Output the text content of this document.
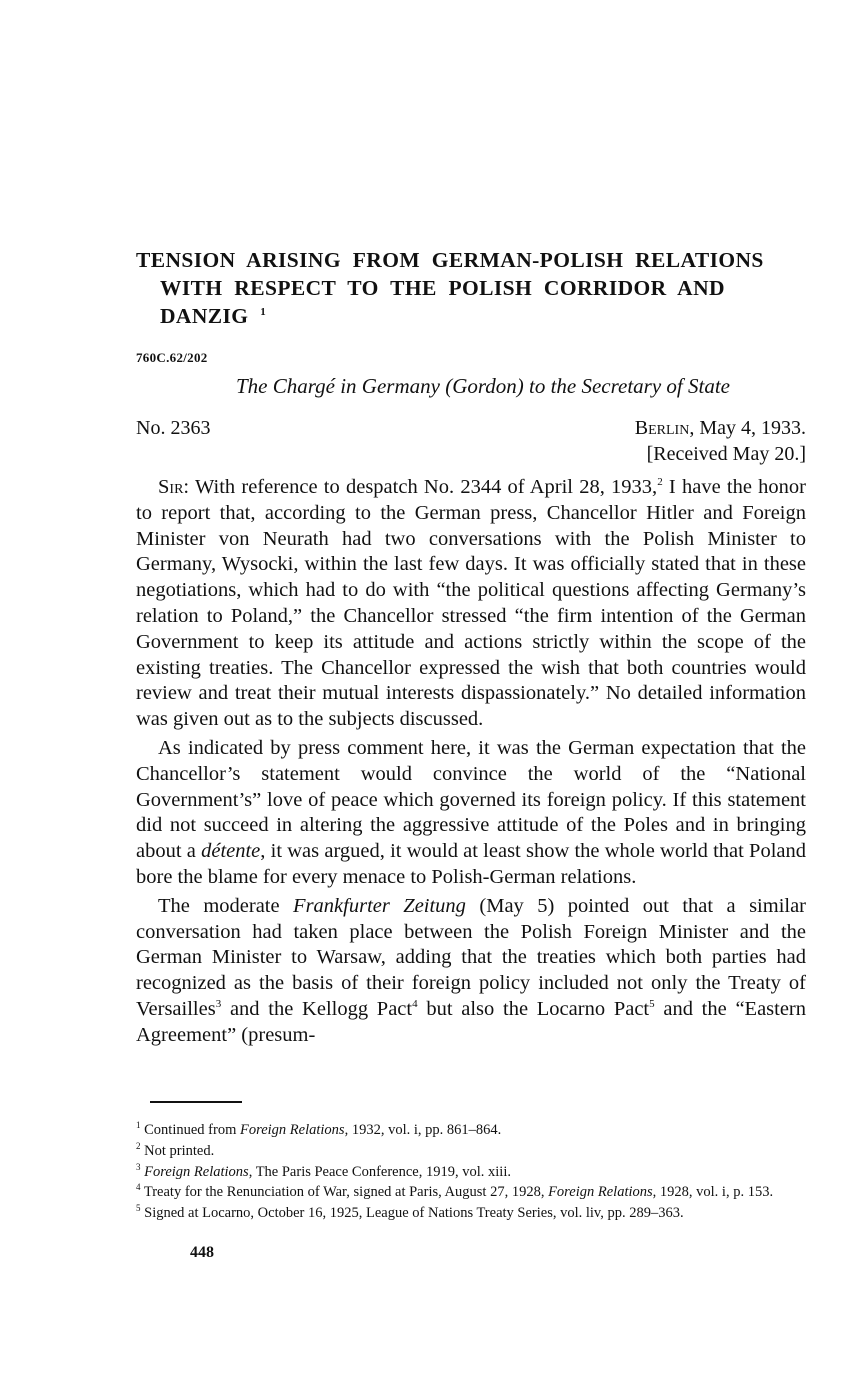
TENSION ARISING FROM GERMAN-POLISH RELATIONS
WITH RESPECT TO THE POLISH CORRIDOR AND
DANZIG $^1$
760C.62/202
The Chargé in Germany (Gordon) to the Secretary of State
No. 2363	Berlin, May 4, 1933.
[Received May 20.]

Sir: With reference to despatch No. 2344 of April 28, 1933,$^2$ I have the honor to report that, according to the German press, Chancellor Hitler and Foreign Minister von Neurath had two conversations with the Polish Minister to Germany, Wysocki, within the last few days. It was officially stated that in these negotiations, which had to do with “the political questions affecting Germany’s relation to Poland,” the Chancellor stressed “the firm intention of the German Government to keep its attitude and actions strictly within the scope of the existing treaties. The Chancellor expressed the wish that both countries would review and treat their mutual interests dispassionately.” No detailed information was given out as to the subjects discussed.

As indicated by press comment here, it was the German expectation that the Chancellor’s statement would convince the world of the “National Government’s” love of peace which governed its foreign policy. If this statement did not succeed in altering the aggressive attitude of the Poles and in bringing about a détente, it was argued, it would at least show the whole world that Poland bore the blame for every menace to Polish-German relations.

The moderate Frankfurter Zeitung (May 5) pointed out that a similar conversation had taken place between the Polish Foreign Minister and the German Minister to Warsaw, adding that the treaties which both parties had recognized as the basis of their foreign policy included not only the Treaty of Versailles$^3$ and the Kellogg Pact$^4$ but also the Locarno Pact$^5$ and the “Eastern Agreement” (presum-

$^1$ Continued from Foreign Relations, 1932, vol. i, pp. 861–864.

$^2$ Not printed.

$^3$ Foreign Relations, The Paris Peace Conference, 1919, vol. xiii.

$^4$ Treaty for the Renunciation of War, signed at Paris, August 27, 1928, Foreign Relations, 1928, vol. i, p. 153.

$^5$ Signed at Locarno, October 16, 1925, League of Nations Treaty Series, vol. liv, pp. 289–363.

448
